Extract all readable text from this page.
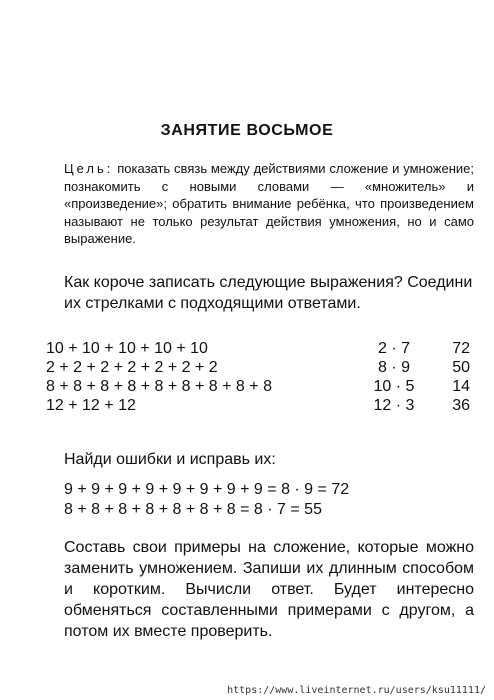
ЗАНЯТИЕ ВОСЬМОЕ
Цель: показать связь между действиями сложение и умножение; познакомить с новыми словами — «множитель» и «произведение»; обратить внимание ребёнка, что произведением называют не только результат действия умножения, но и само выражение.
Как короче записать следующие выражения? Соедини их стрелками с подходящими ответами.
10 + 10 + 10 + 10 + 10	2 · 7	72
2 + 2 + 2 + 2 + 2 + 2 + 2	8 · 9	50
8 + 8 + 8 + 8 + 8 + 8 + 8 + 8 + 8	10 · 5	14
12 + 12 + 12	12 · 3	36
Найди ошибки и исправь их:
9 + 9 + 9 + 9 + 9 + 9 + 9 + 9 = 8 · 9 = 72
8 + 8 + 8 + 8 + 8 + 8 + 8 = 8 · 7 = 55
Составь свои примеры на сложение, которые можно заменить умножением. Запиши их длинным способом и коротким. Вычисли ответ. Будет интересно обменяться составленными примерами с другом, а потом их вместе проверить.
https://www.liveinternet.ru/users/ksu11111/
